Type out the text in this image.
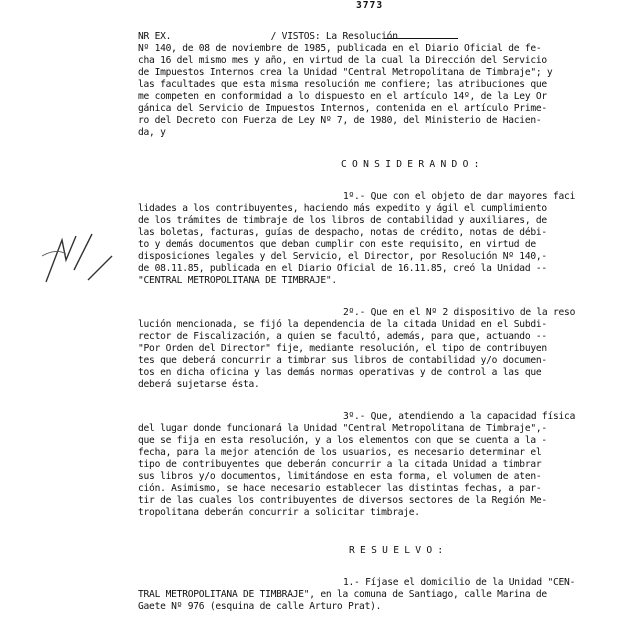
3773
NR EX.                  / VISTOS: La Resolución
Nº 140, de 08 de noviembre de 1985, publicada en el Diario Oficial de fe-
cha 16 del mismo mes y año, en virtud de la cual la Dirección del Servicio
de Impuestos Internos crea la Unidad "Central Metropolitana de Timbraje"; y
las facultades que esta misma resolución me confiere; las atribuciones que
me competen en conformidad a lo dispuesto en el artículo 14º, de la Ley Or
gánica del Servicio de Impuestos Internos, contenida en el artículo Prime-
ro del Decreto con Fuerza de Ley Nº 7, de 1980, del Ministerio de Hacien-
da, y
C O N S I D E R A N D O :
1º.- Que con el objeto de dar mayores faci
lidades a los contribuyentes, haciendo más expedito y ágil el cumplimiento
de los trámites de timbraje de los libros de contabilidad y auxiliares, de
las boletas, facturas, guías de despacho, notas de crédito, notas de débi-
to y demás documentos que deban cumplir con este requisito, en virtud de
disposiciones legales y del Servicio, el Director, por Resolución Nº 140,-
de 08.11.85, publicada en el Diario Oficial de 16.11.85, creó la Unidad --
"CENTRAL METROPOLITANA DE TIMBRAJE".
2º.- Que en el Nº 2 dispositivo de la reso
lución mencionada, se fijó la dependencia de la citada Unidad en el Subdi-
rector de Fiscalización, a quien se facultó, además, para que, actuando --
"Por Orden del Director" fije, mediante resolución, el tipo de contribuyen
tes que deberá concurrir a timbrar sus libros de contabilidad y/o documen-
tos en dicha oficina y las demás normas operativas y de control a las que
deberá sujetarse ésta.
3º.- Que, atendiendo a la capacidad física
del lugar donde funcionará la Unidad "Central Metropolitana de Timbraje",-
que se fija en esta resolución, y a los elementos con que se cuenta a la -
fecha, para la mejor atención de los usuarios, es necesario determinar el
tipo de contribuyentes que deberán concurrir a la citada Unidad a timbrar
sus libros y/o documentos, limitándose en esta forma, el volumen de aten-
ción. Asimismo, se hace necesario establecer las distintas fechas, a par-
tir de las cuales los contribuyentes de diversos sectores de la Región Me-
tropolitana deberán concurrir a solicitar timbraje.
R E S U E L V O :
1.- Fíjase el domicilio de la Unidad "CEN-
TRAL METROPOLITANA DE TIMBRAJE", en la comuna de Santiago, calle Marina de
Gaete Nº 976 (esquina de calle Arturo Prat).
